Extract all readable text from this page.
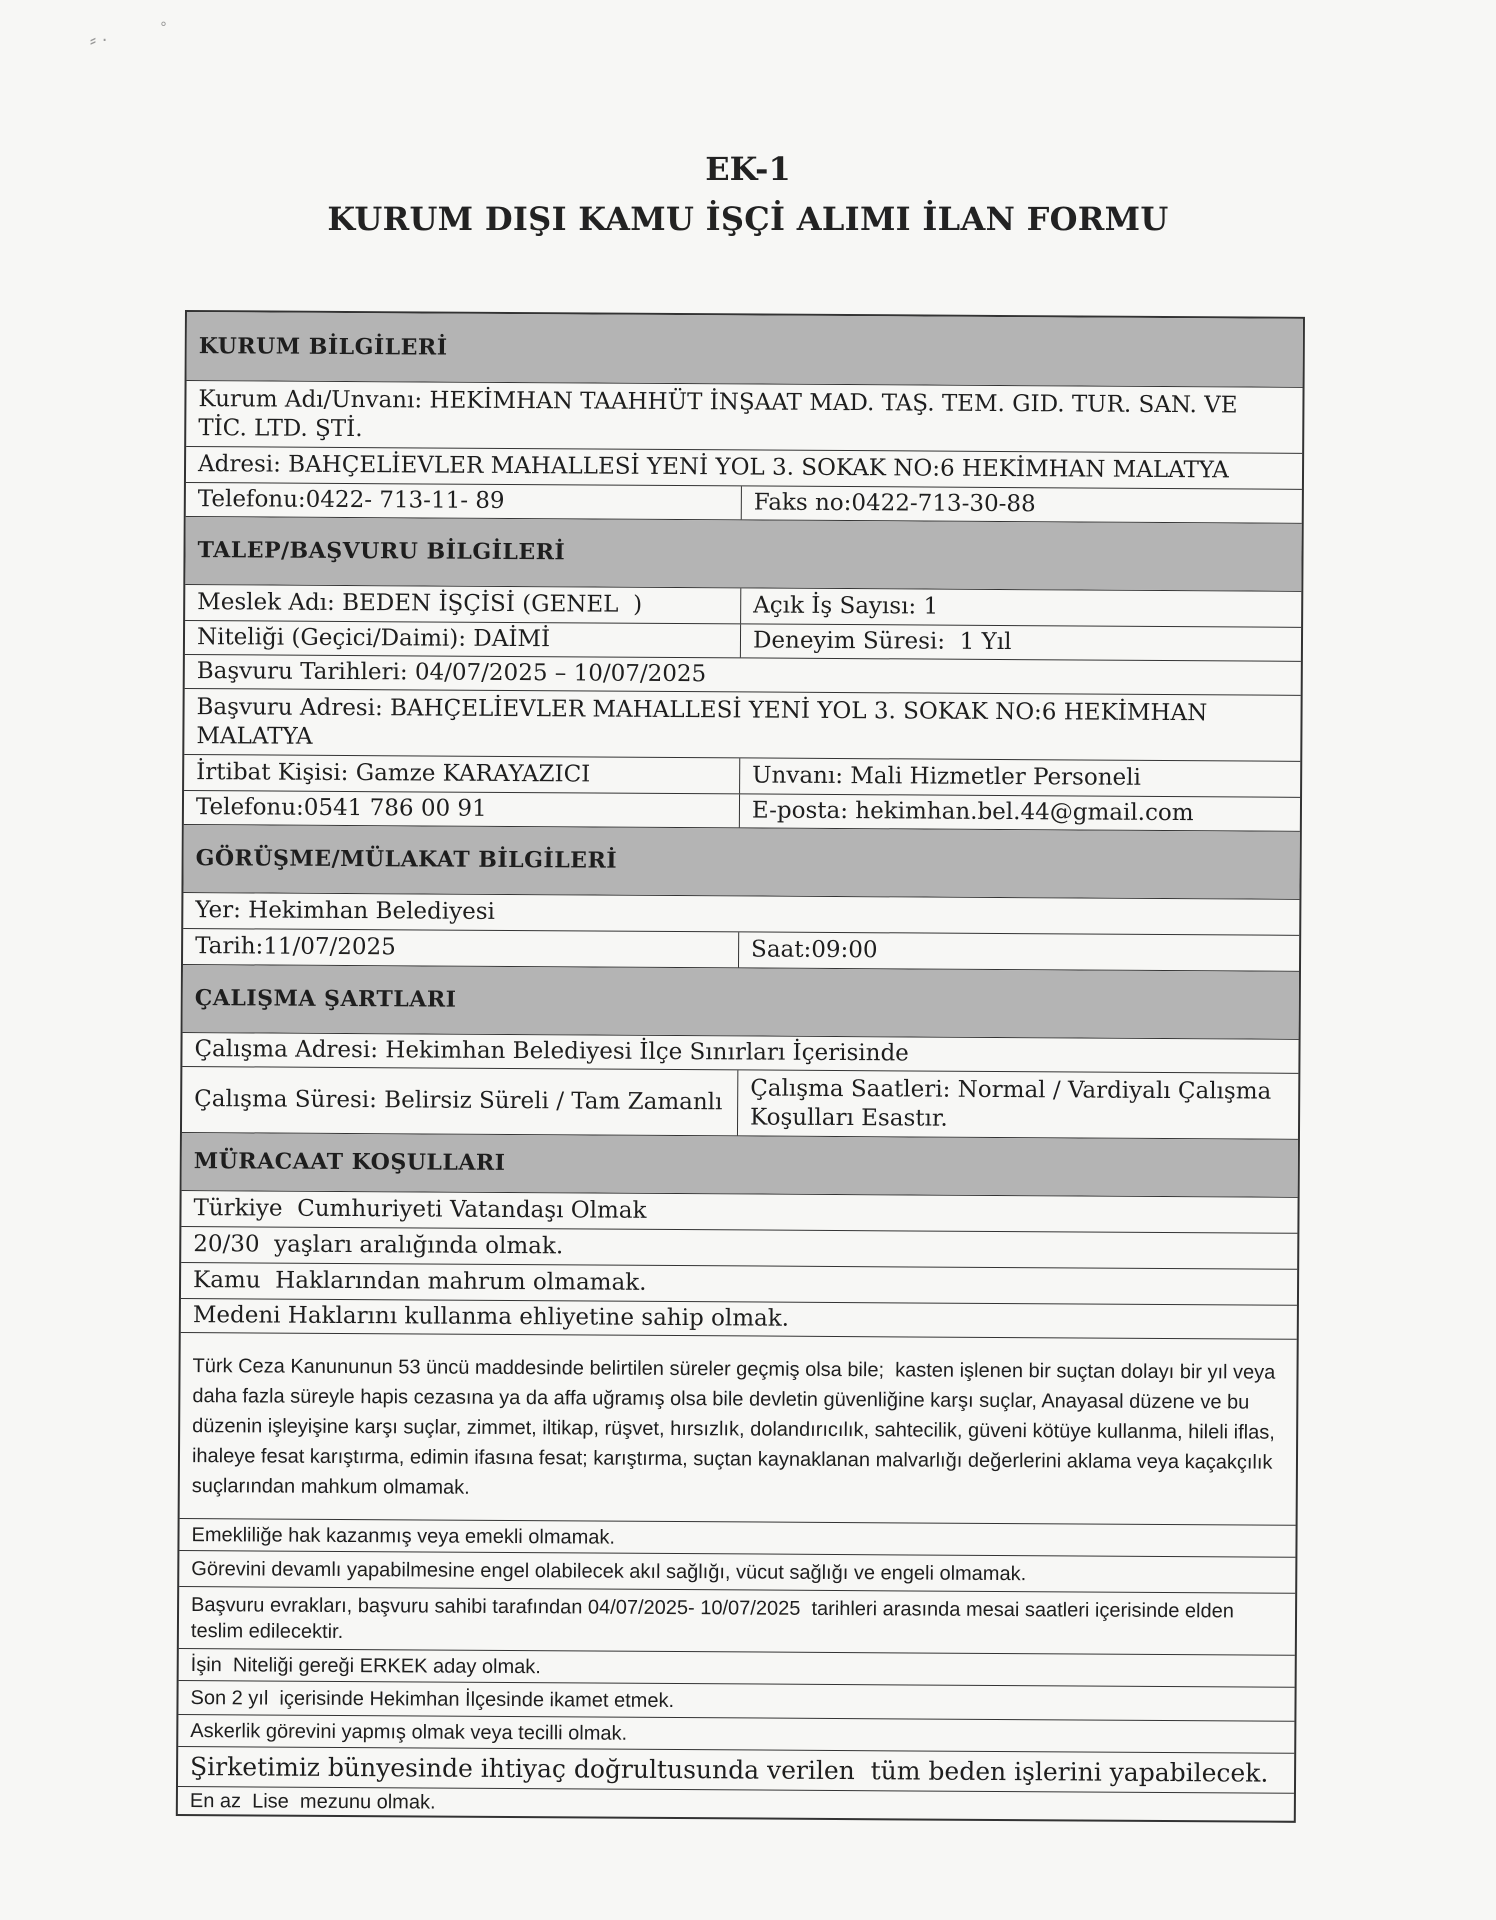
⸗ ·
°
EK-1
KURUM DIŞI KAMU İŞÇİ ALIMI İLAN FORMU
KURUM BİLGİLERİ
Kurum Adı/Unvanı: HEKİMHAN TAAHHÜT İNŞAAT MAD. TAŞ. TEM. GID. TUR. SAN. VE TİC. LTD. ŞTİ.
Adresi: BAHÇELİEVLER MAHALLESİ YENİ YOL 3. SOKAK NO:6 HEKİMHAN MALATYA
Telefonu:0422- 713-11- 89	Faks no:0422-713-30-88
TALEP/BAŞVURU BİLGİLERİ
Meslek Adı: BEDEN İŞÇİSİ (GENEL  )	Açık İş Sayısı: 1
Niteliği (Geçici/Daimi): DAİMİ	Deneyim Süresi:  1 Yıl
Başvuru Tarihleri: 04/07/2025 – 10/07/2025
Başvuru Adresi: BAHÇELİEVLER MAHALLESİ YENİ YOL 3. SOKAK NO:6 HEKİMHAN MALATYA
İrtibat Kişisi: Gamze KARAYAZICI	Unvanı: Mali Hizmetler Personeli
Telefonu:0541 786 00 91	E-posta: hekimhan.bel.44@gmail.com
GÖRÜŞME/MÜLAKAT BİLGİLERİ
Yer: Hekimhan Belediyesi
Tarih:11/07/2025	Saat:09:00
ÇALIŞMA ŞARTLARI
Çalışma Adresi: Hekimhan Belediyesi İlçe Sınırları İçerisinde
Çalışma Süresi: Belirsiz Süreli / Tam Zamanlı	Çalışma Saatleri: Normal / Vardiyalı Çalışma Koşulları Esastır.
MÜRACAAT KOŞULLARI
Türkiye  Cumhuriyeti Vatandaşı Olmak
20/30  yaşları aralığında olmak.
Kamu  Haklarından mahrum olmamak.
Medeni Haklarını kullanma ehliyetine sahip olmak.
Türk Ceza Kanununun 53 üncü maddesinde belirtilen süreler geçmiş olsa bile;  kasten işlenen bir suçtan dolayı bir yıl veya daha fazla süreyle hapis cezasına ya da affa uğramış olsa bile devletin güvenliğine karşı suçlar, Anayasal düzene ve bu düzenin işleyişine karşı suçlar, zimmet, iltikap, rüşvet, hırsızlık, dolandırıcılık, sahtecilik, güveni kötüye kullanma, hileli iflas, ihaleye fesat karıştırma, edimin ifasına fesat; karıştırma, suçtan kaynaklanan malvarlığı değerlerini aklama veya kaçakçılık suçlarından mahkum olmamak.
Emekliliğe hak kazanmış veya emekli olmamak.
Görevini devamlı yapabilmesine engel olabilecek akıl sağlığı, vücut sağlığı ve engeli olmamak.
Başvuru evrakları, başvuru sahibi tarafından 04/07/2025- 10/07/2025  tarihleri arasında mesai saatleri içerisinde elden teslim edilecektir.
İşin  Niteliği gereği ERKEK aday olmak.
Son 2 yıl  içerisinde Hekimhan İlçesinde ikamet etmek.
Askerlik görevini yapmış olmak veya tecilli olmak.
Şirketimiz bünyesinde ihtiyaç doğrultusunda verilen  tüm beden işlerini yapabilecek.
En az  Lise  mezunu olmak.
